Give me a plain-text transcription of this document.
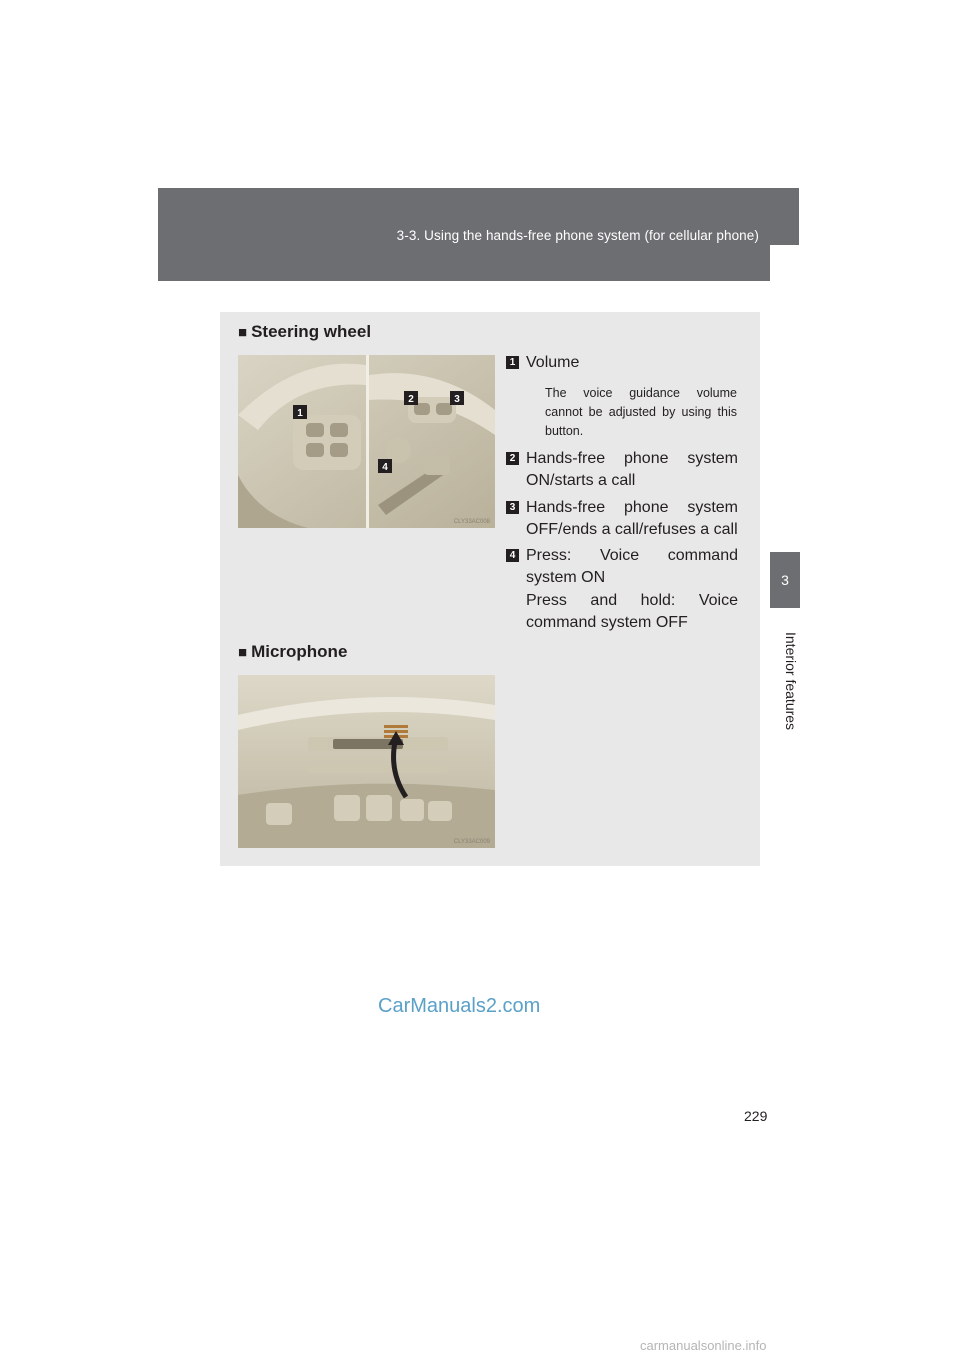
3-3. Using the hands-free phone system (for cellular phone)
3
Interior features
■ Steering wheel
1
2	3
4
CLY33AC008
1 Volume
The voice guidance volume cannot be adjusted by using this button.
2 Hands-free phone system ON/starts a call
3 Hands-free phone system OFF/ends a call/refuses a call
4 Press: Voice command system ON
Press and hold: Voice command system OFF
■ Microphone
CLY33AC009
CarManuals2.com
229
carmanualsonline.info
